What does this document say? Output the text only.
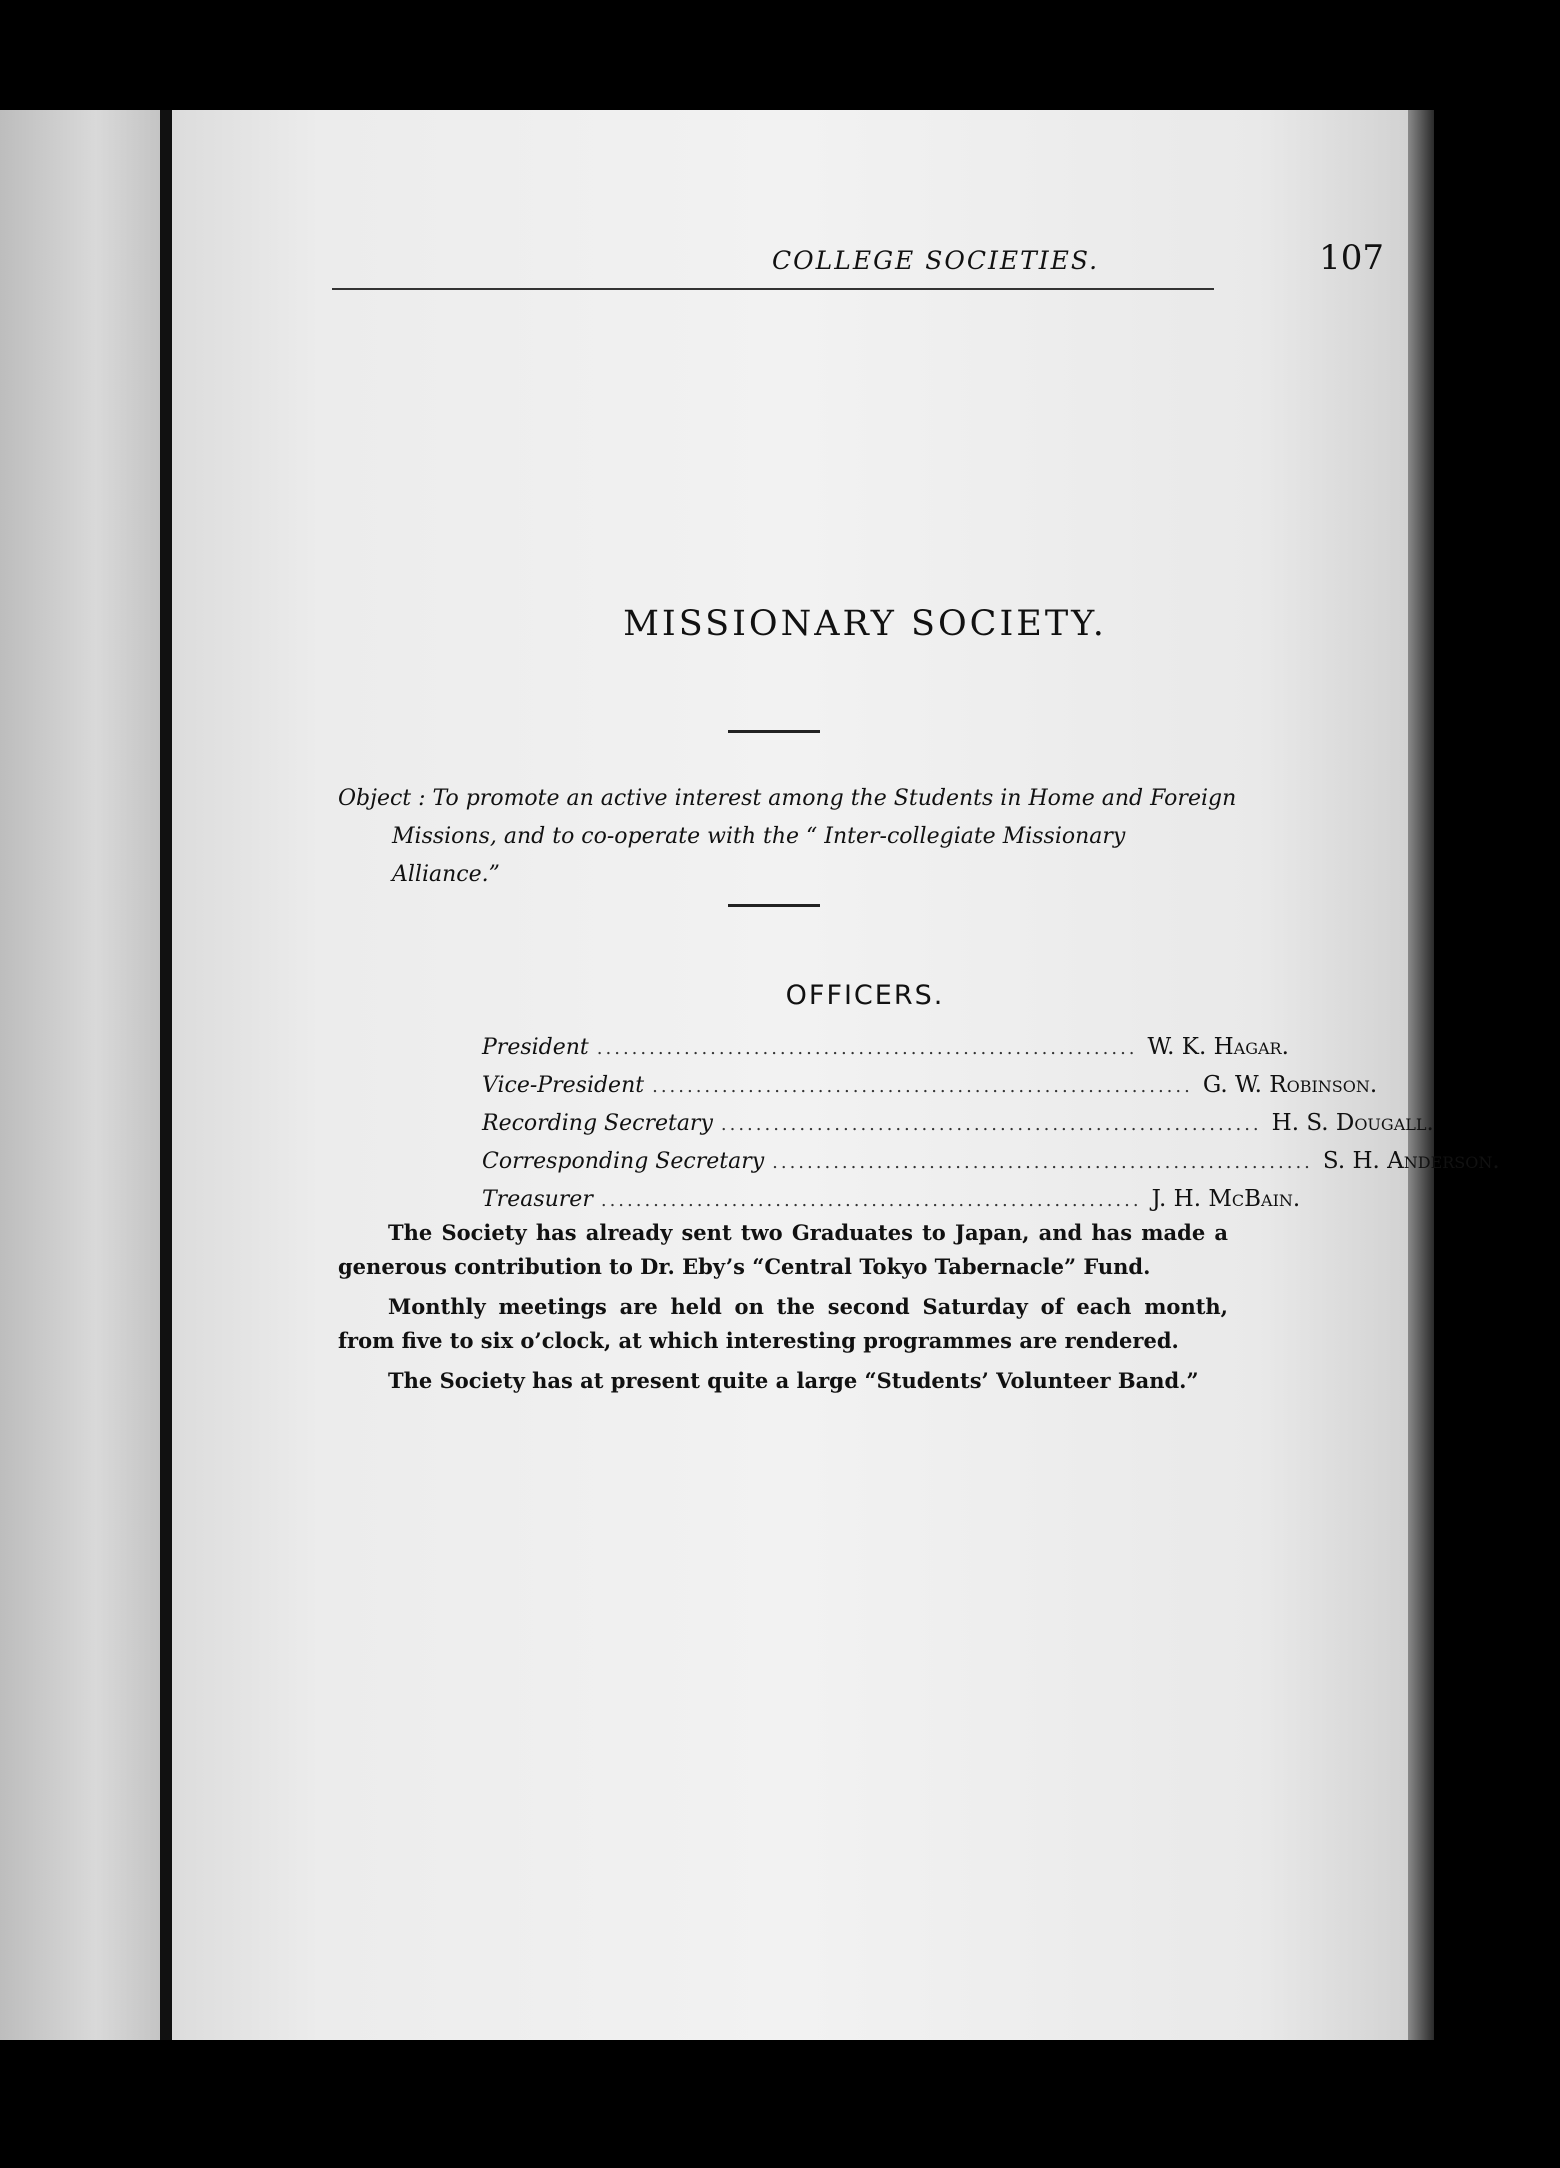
COLLEGE SOCIETIES.	107
MISSIONARY SOCIETY.

Object : To promote an active interest among the Students in Home and Foreign

Missions, and to co-operate with the “ Inter-collegiate Missionary Alliance.”

OFFICERS.
President .............................................................. W. K. Hagar.
Vice-President .............................................................. G. W. Robinson.
Recording Secretary .............................................................. H. S. Dougall.
Corresponding Secretary .............................................................. S. H. Anderson.
Treasurer .............................................................. J. H. McBain.

The Society has already sent two Graduates to Japan, and has made a generous contribution to Dr. Eby’s “Central Tokyo Tabernacle” Fund.

Monthly meetings are held on the second Saturday of each month, from five to six o’clock, at which interesting programmes are rendered.

The Society has at present quite a large “Students’ Volunteer Band.”
